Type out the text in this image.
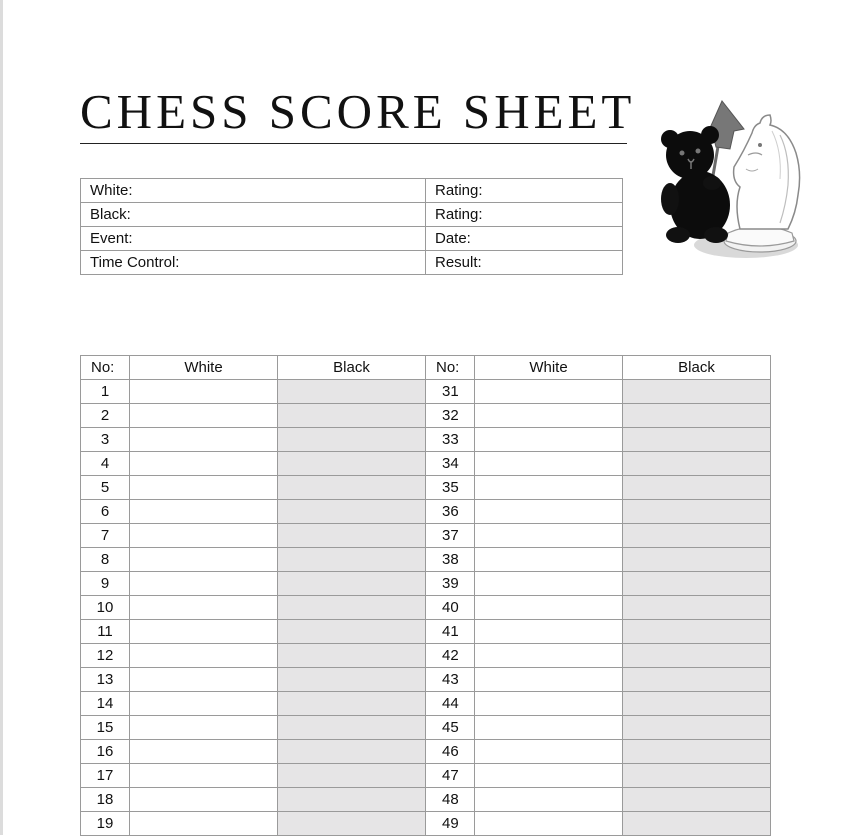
CHESS SCORE SHEET
White:	Rating:
Black:	Rating:
Event:	Date:
Time Control:	Result:
No:	White	Black	No:	White	Black
1			31		
2			32		
3			33		
4			34		
5			35		
6			36		
7			37		
8			38		
9			39		
10			40		
11			41		
12			42		
13			43		
14			44		
15			45		
16			46		
17			47		
18			48		
19			49		
